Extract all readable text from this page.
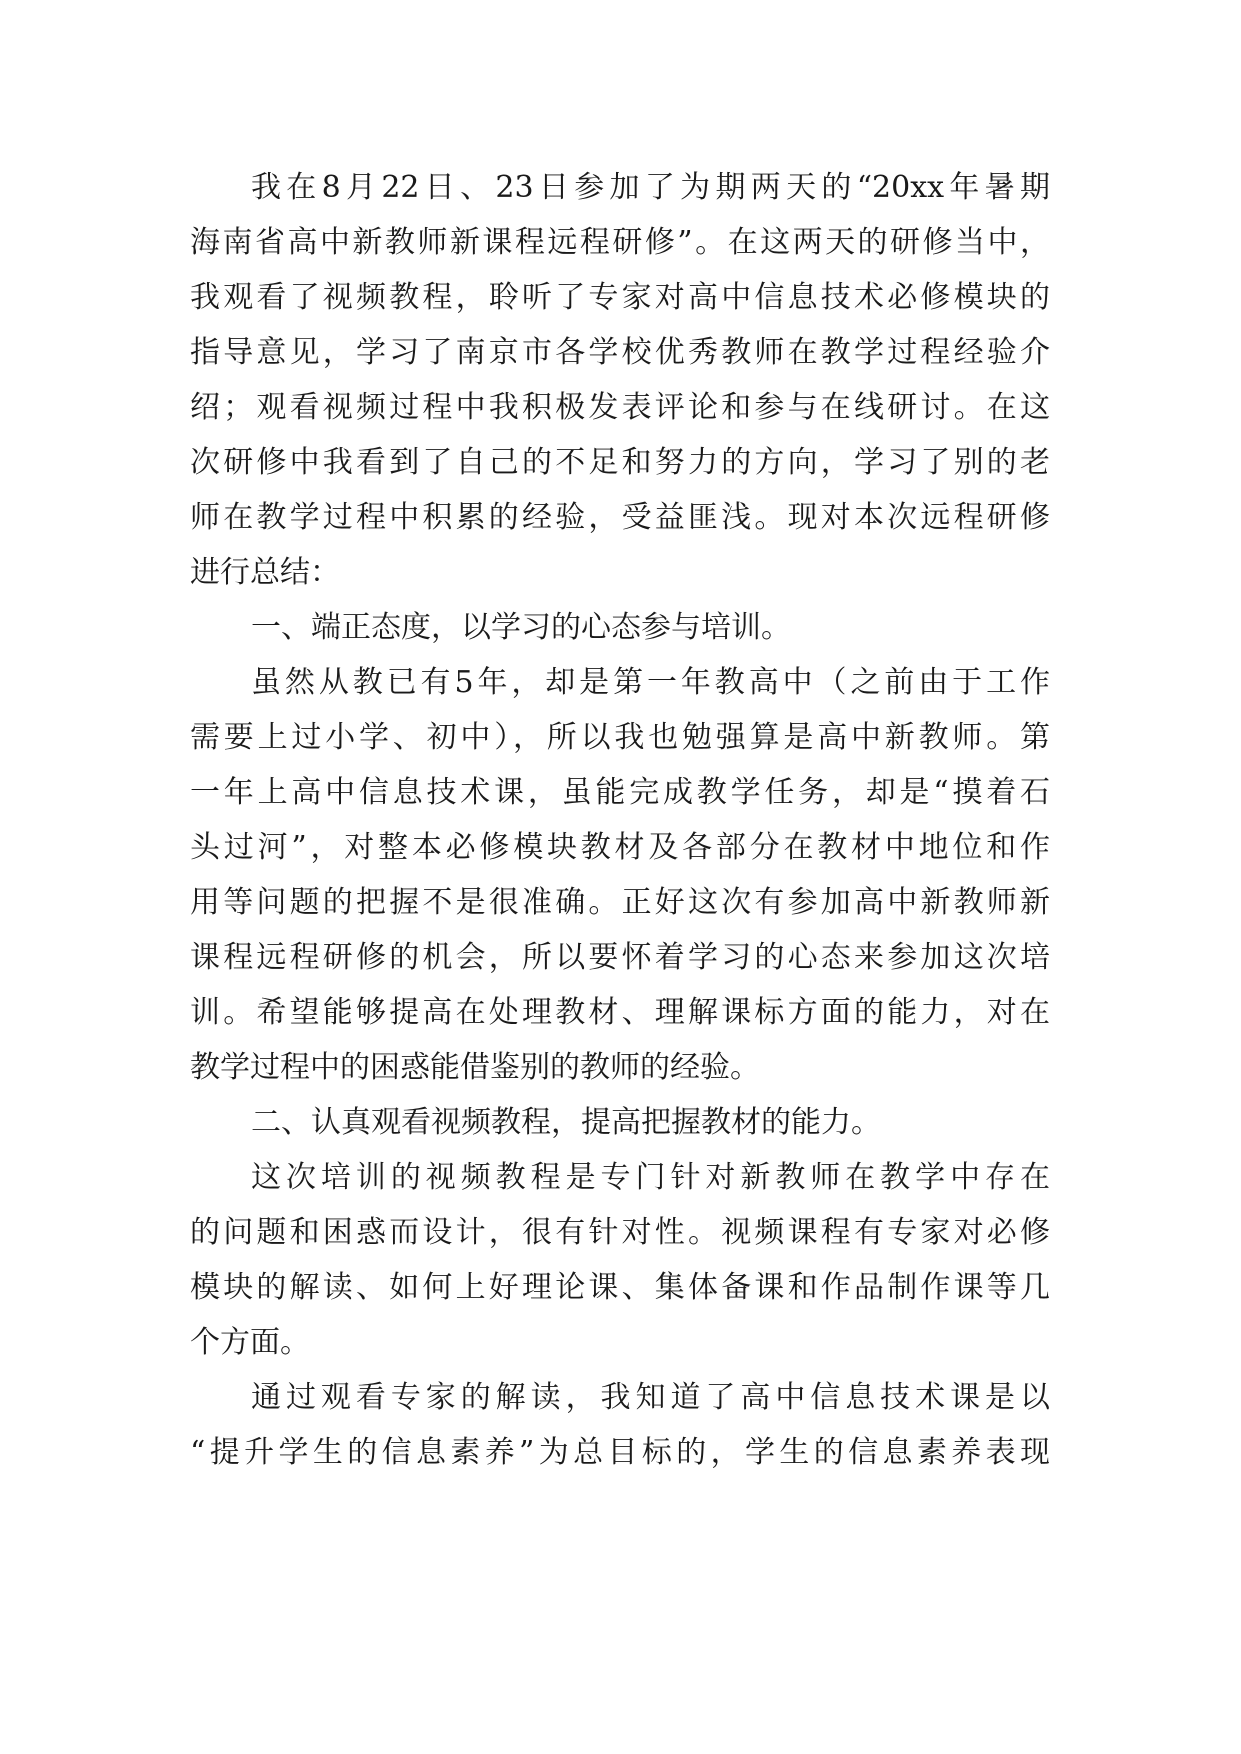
我在8月22日、23日参加了为期两天的“20xx年暑期
海南省高中新教师新课程远程研修”。在这两天的研修当中，
我观看了视频教程，聆听了专家对高中信息技术必修模块的
指导意见，学习了南京市各学校优秀教师在教学过程经验介
绍；观看视频过程中我积极发表评论和参与在线研讨。在这
次研修中我看到了自己的不足和努力的方向，学习了别的老
师在教学过程中积累的经验，受益匪浅。现对本次远程研修
进行总结：
一、端正态度，以学习的心态参与培训。
虽然从教已有5年，却是第一年教高中（之前由于工作
需要上过小学、初中），所以我也勉强算是高中新教师。第
一年上高中信息技术课，虽能完成教学任务，却是“摸着石
头过河”，对整本必修模块教材及各部分在教材中地位和作
用等问题的把握不是很准确。正好这次有参加高中新教师新
课程远程研修的机会，所以要怀着学习的心态来参加这次培
训。希望能够提高在处理教材、理解课标方面的能力，对在
教学过程中的困惑能借鉴别的教师的经验。
二、认真观看视频教程，提高把握教材的能力。
这次培训的视频教程是专门针对新教师在教学中存在
的问题和困惑而设计，很有针对性。视频课程有专家对必修
模块的解读、如何上好理论课、集体备课和作品制作课等几
个方面。
通过观看专家的解读，我知道了高中信息技术课是以
“提升学生的信息素养”为总目标的，学生的信息素养表现
